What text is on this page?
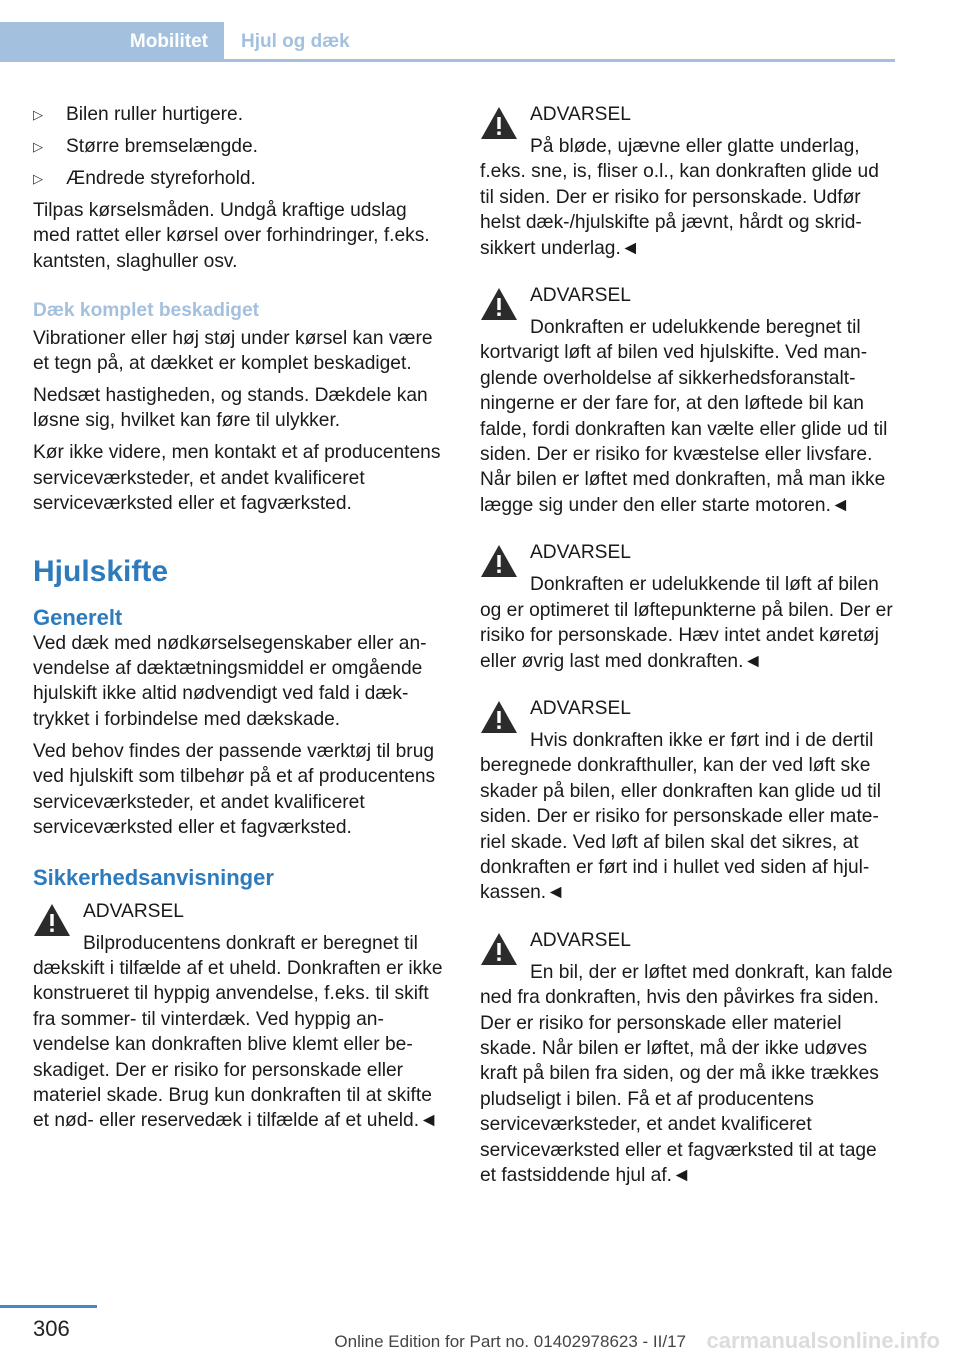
Mobilitet	Hjul og dæk
▷	Bilen ruller hurtigere.
▷	Større bremselængde.
▷	Ændrede styreforhold.

Tilpas kørselsmåden. Undgå kraftige udslag med rattet eller kørsel over forhindringer, f.eks. kantsten, slaghuller osv.

Dæk komplet beskadiget

Vibrationer eller høj støj under kørsel kan være et tegn på, at dækket er komplet beskadiget.

Nedsæt hastigheden, og stands. Dækdele kan løsne sig, hvilket kan føre til ulykker.

Kør ikke videre, men kontakt et af producentens serviceværksteder, et andet kvalificeret serviceværksted eller et fagværksted.

Hjulskifte
Generelt

Ved dæk med nødkørselsegenskaber eller anvendelse af dæktætningsmiddel er omgående hjulskift ikke altid nødvendigt ved fald i dæktrykket i forbindelse med dækskade.

Ved behov findes der passende værktøj til brug ved hjulskift som tilbehør på et af producentens serviceværksteder, et andet kvalificeret serviceværksted eller et fagværksted.

Sikkerhedsanvisninger
ADVARSEL
Bilproducentens donkraft er beregnet til dækskift i tilfælde af et uheld. Donkraften er ikke konstrueret til hyppig anvendelse, f.eks. til skift fra sommer- til vinterdæk. Ved hyppig anvendelse kan donkraften blive klemt eller beskadiget. Der er risiko for personskade eller materiel skade. Brug kun donkraften til at skifte et nød- eller reservedæk i tilfælde af et uheld.◄
ADVARSEL
På bløde, ujævne eller glatte underlag, f.eks. sne, is, fliser o.l., kan donkraften glide ud til siden. Der er risiko for personskade. Udfør helst dæk-/hjulskifte på jævnt, hårdt og skridsikkert underlag.◄
ADVARSEL
Donkraften er udelukkende beregnet til kortvarigt løft af bilen ved hjulskifte. Ved manglende overholdelse af sikkerhedsforanstaltningerne er der fare for, at den løftede bil kan falde, fordi donkraften kan vælte eller glide ud til siden. Der er risiko for kvæstelse eller livsfare. Når bilen er løftet med donkraften, må man ikke lægge sig under den eller starte motoren.◄
ADVARSEL
Donkraften er udelukkende til løft af bilen og er optimeret til løftepunkterne på bilen. Der er risiko for personskade. Hæv intet andet køretøj eller øvrig last med donkraften.◄
ADVARSEL
Hvis donkraften ikke er ført ind i de dertil beregnede donkrafthuller, kan der ved løft ske skader på bilen, eller donkraften kan glide ud til siden. Der er risiko for personskade eller materiel skade. Ved løft af bilen skal det sikres, at donkraften er ført ind i hullet ved siden af hjulkassen.◄
ADVARSEL
En bil, der er løftet med donkraft, kan falde ned fra donkraften, hvis den påvirkes fra siden. Der er risiko for personskade eller materiel skade. Når bilen er løftet, må der ikke udøves kraft på bilen fra siden, og der må ikke trækkes pludseligt i bilen. Få et af producentens serviceværksteder, et andet kvalificeret serviceværksted eller et fagværksted til at tage et fastsiddende hjul af.◄
306
Online Edition for Part no. 01402978623 - II/17 carmanualsonline.info
